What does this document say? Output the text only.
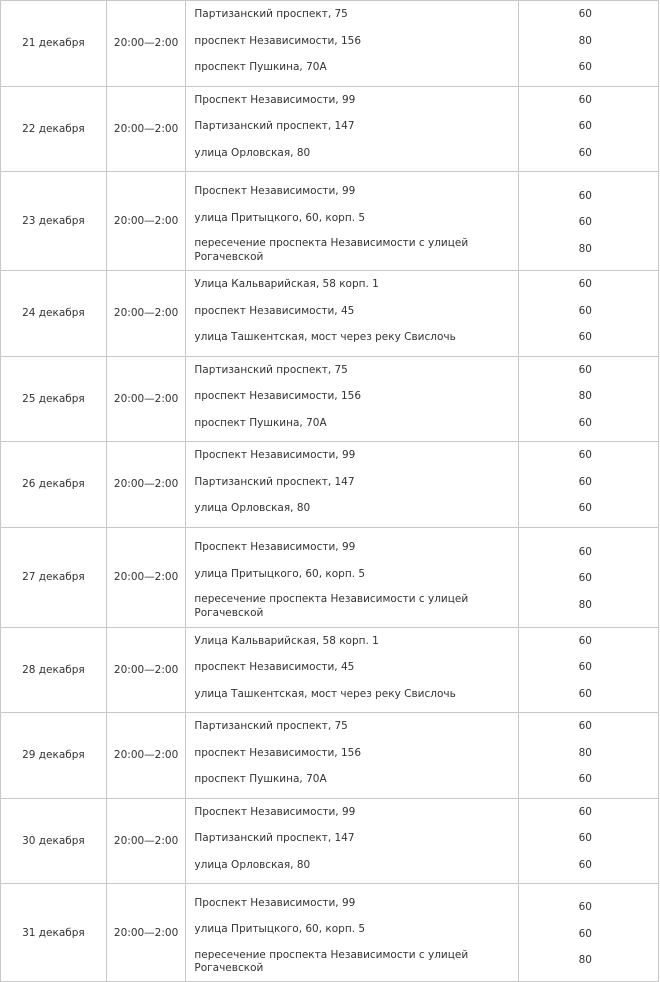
21 декабря	20:00—2:00	Партизанский проспект, 75
проспект Независимости, 156
проспект Пушкина, 70А	60
80
60

22 декабря	20:00—2:00	Проспект Независимости, 99
Партизанский проспект, 147
улица Орловская, 80	60
60
60

23 декабря	20:00—2:00	Проспект Независимости, 99
улица Притыцкого, 60, корп. 5
пересечение проспекта Независимости с улицей Рогачевской	60
60
80

24 декабря	20:00—2:00	Улица Кальварийская, 58 корп. 1
проспект Независимости, 45
улица Ташкентская, мост через реку Свислочь	60
60
60

25 декабря	20:00—2:00	Партизанский проспект, 75
проспект Независимости, 156
проспект Пушкина, 70А	60
80
60

26 декабря	20:00—2:00	Проспект Независимости, 99
Партизанский проспект, 147
улица Орловская, 80	60
60
60

27 декабря	20:00—2:00	Проспект Независимости, 99
улица Притыцкого, 60, корп. 5
пересечение проспекта Независимости с улицей Рогачевской	60
60
80

28 декабря	20:00—2:00	Улица Кальварийская, 58 корп. 1
проспект Независимости, 45
улица Ташкентская, мост через реку Свислочь	60
60
60

29 декабря	20:00—2:00	Партизанский проспект, 75
проспект Независимости, 156
проспект Пушкина, 70А	60
80
60

30 декабря	20:00—2:00	Проспект Независимости, 99
Партизанский проспект, 147
улица Орловская, 80	60
60
60

31 декабря	20:00—2:00	Проспект Независимости, 99
улица Притыцкого, 60, корп. 5
пересечение проспекта Независимости с улицей Рогачевской	60
60
80
